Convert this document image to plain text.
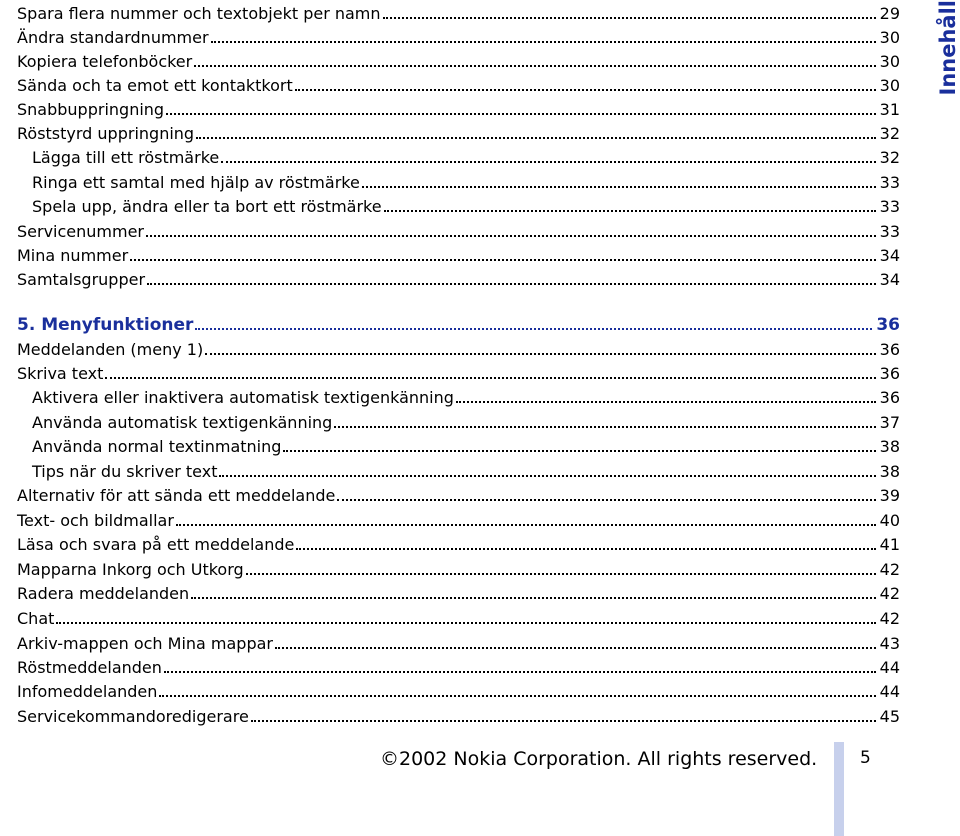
Spara flera nummer och textobjekt per namn	29
Ändra standardnummer	30
Kopiera telefonböcker	30
Sända och ta emot ett kontaktkort	30
Snabbuppringning	31
Röststyrd uppringning	32
Lägga till ett röstmärke	32
Ringa ett samtal med hjälp av röstmärke	33
Spela upp, ändra eller ta bort ett röstmärke	33
Servicenummer	33
Mina nummer	34
Samtalsgrupper	34
5. Menyfunktioner	36
Meddelanden (meny 1)	36
Skriva text	36
Aktivera eller inaktivera automatisk textigenkänning	36
Använda automatisk textigenkänning	37
Använda normal textinmatning	38
Tips när du skriver text	38
Alternativ för att sända ett meddelande	39
Text- och bildmallar	40
Läsa och svara på ett meddelande	41
Mapparna Inkorg och Utkorg	42
Radera meddelanden	42
Chat	42
Arkiv-mappen och Mina mappar	43
Röstmeddelanden	44
Infomeddelanden	44
Servicekommandoredigerare	45
Innehåll
©2002 Nokia Corporation. All rights reserved.	5
